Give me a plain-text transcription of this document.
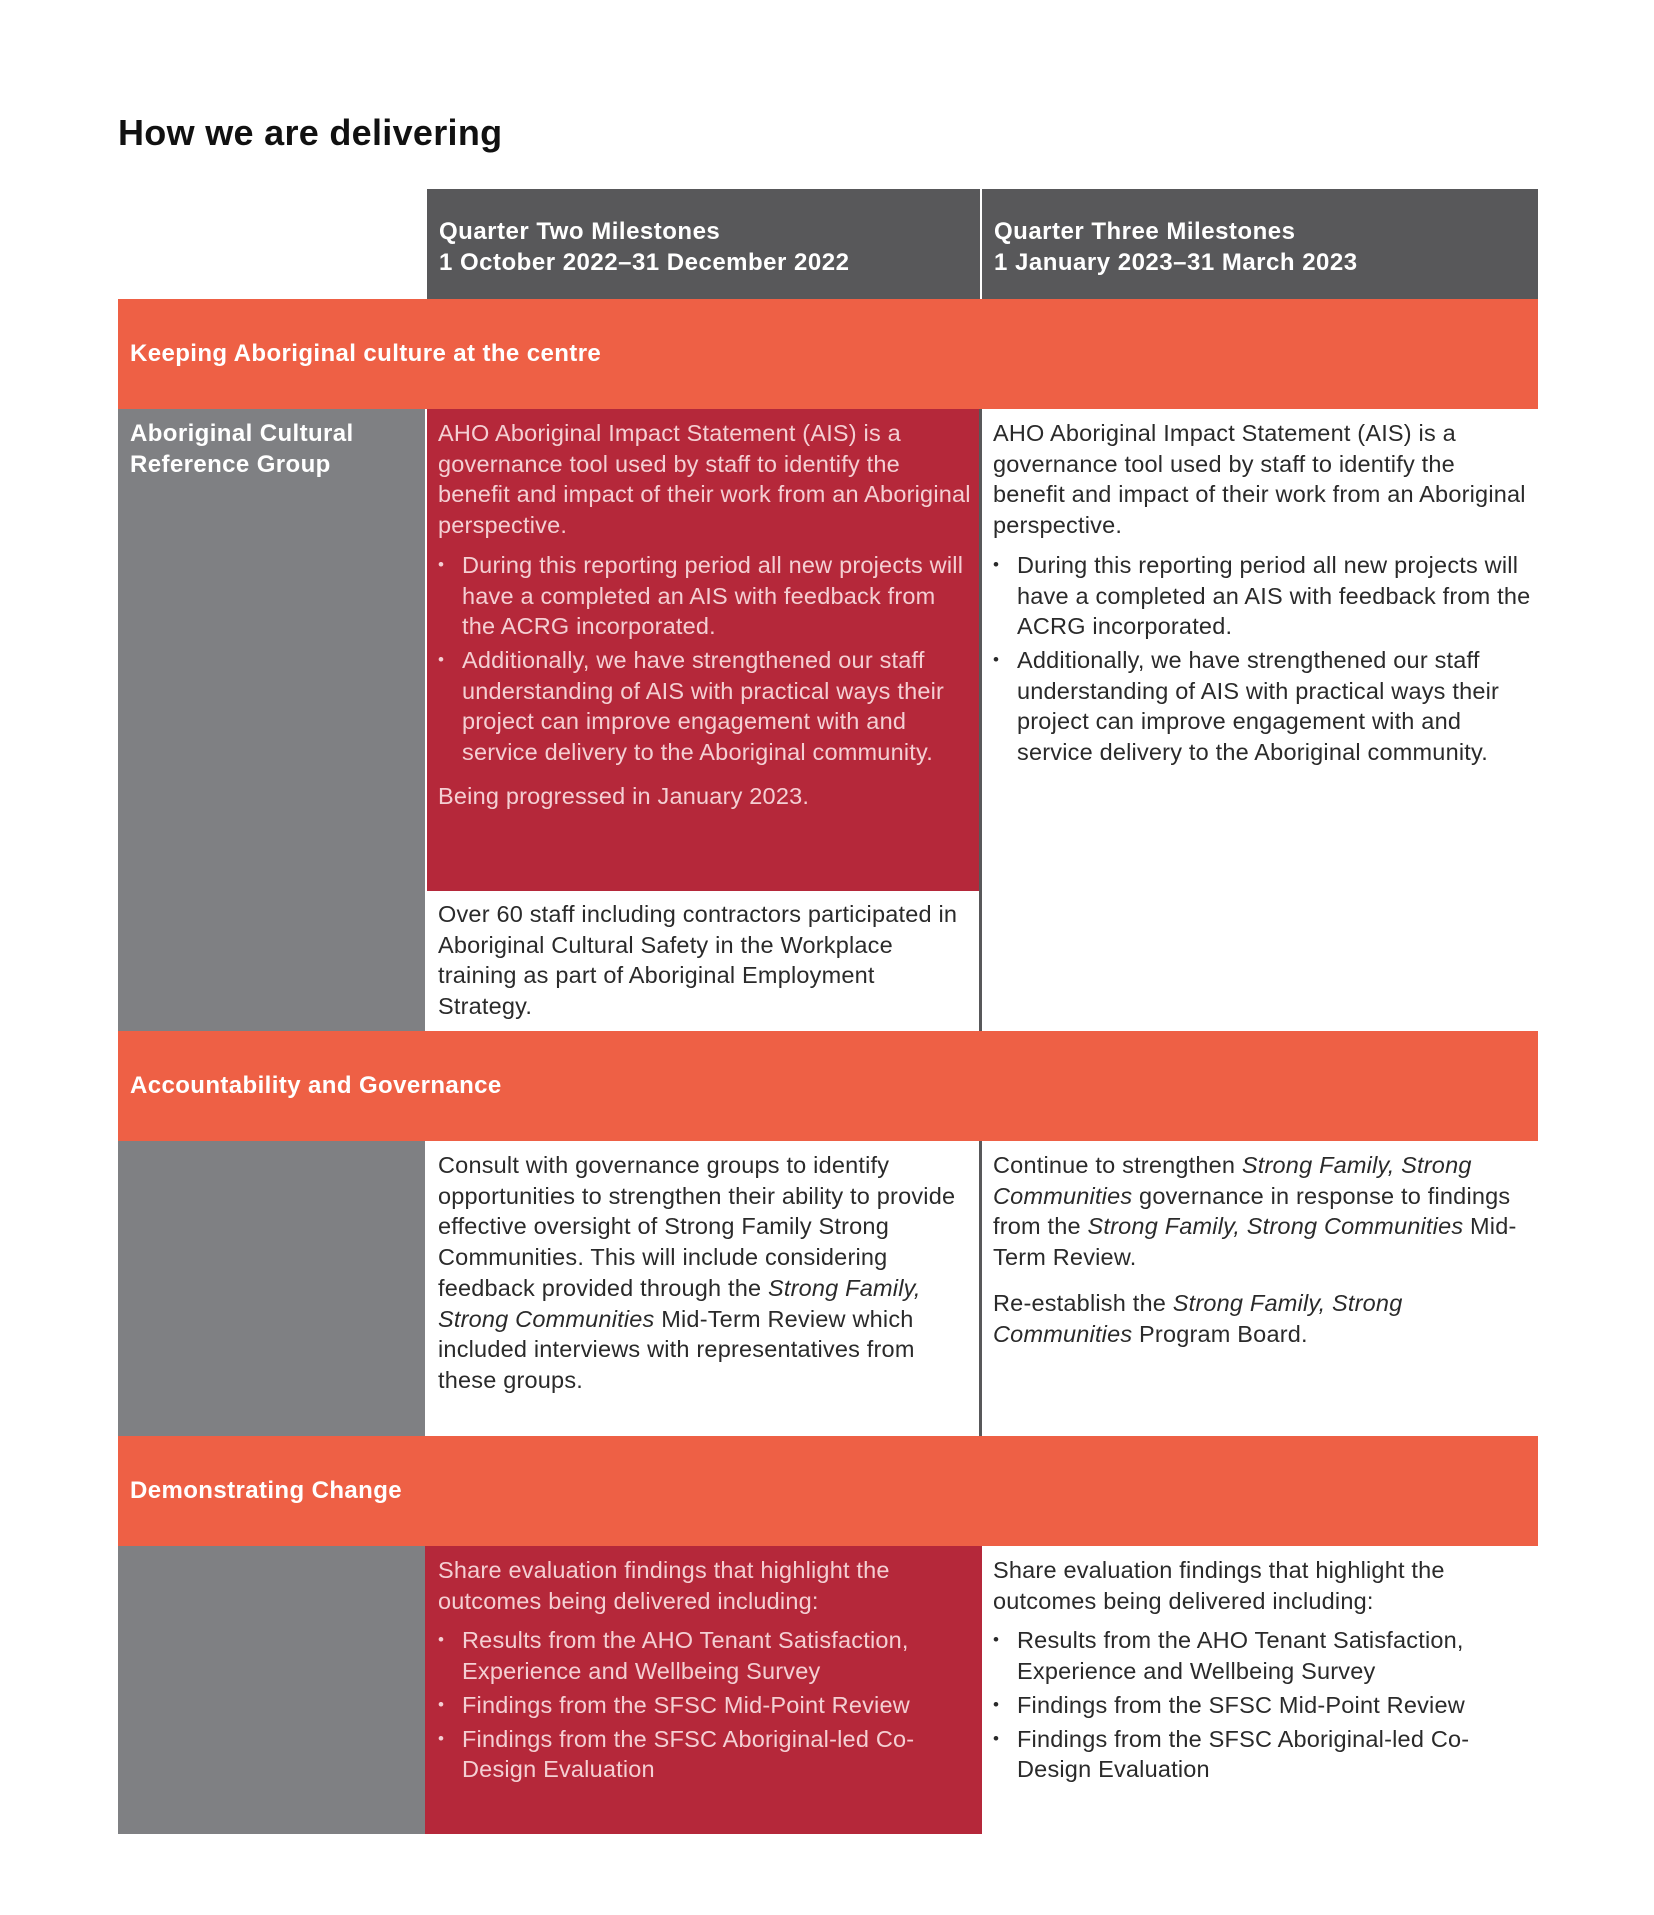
How we are delivering
Quarter Two Milestones
1 October 2022–31 December 2022
Quarter Three Milestones
1 January 2023–31 March 2023
Keeping Aboriginal culture at the centre
Aboriginal Cultural Reference Group

AHO Aboriginal Impact Statement (AIS) is a governance tool used by staff to identify the benefit and impact of their work from an Aboriginal perspective.

• During this reporting period all new projects will have a completed an AIS with feedback from the ACRG incorporated.
• Additionally, we have strengthened our staff understanding of AIS with practical ways their project can improve engagement with and service delivery to the Aboriginal community.

Being progressed in January 2023.

Over 60 staff including contractors participated in Aboriginal Cultural Safety in the Workplace training as part of Aboriginal Employment Strategy.

AHO Aboriginal Impact Statement (AIS) is a governance tool used by staff to identify the benefit and impact of their work from an Aboriginal perspective.

• During this reporting period all new projects will have a completed an AIS with feedback from the ACRG incorporated.
• Additionally, we have strengthened our staff understanding of AIS with practical ways their project can improve engagement with and service delivery to the Aboriginal community.
Accountability and Governance

Consult with governance groups to identify opportunities to strengthen their ability to provide effective oversight of Strong Family Strong Communities. This will include considering feedback provided through the Strong Family, Strong Communities Mid-Term Review which included interviews with representatives from these groups.

Continue to strengthen Strong Family, Strong Communities governance in response to findings from the Strong Family, Strong Communities Mid-Term Review.

Re-establish the Strong Family, Strong Communities Program Board.

Demonstrating Change

Share evaluation findings that highlight the outcomes being delivered including:

• Results from the AHO Tenant Satisfaction, Experience and Wellbeing Survey
• Findings from the SFSC Mid-Point Review
• Findings from the SFSC Aboriginal-led Co-Design Evaluation

Share evaluation findings that highlight the outcomes being delivered including:

• Results from the AHO Tenant Satisfaction, Experience and Wellbeing Survey
• Findings from the SFSC Mid-Point Review
• Findings from the SFSC Aboriginal-led Co-Design Evaluation
